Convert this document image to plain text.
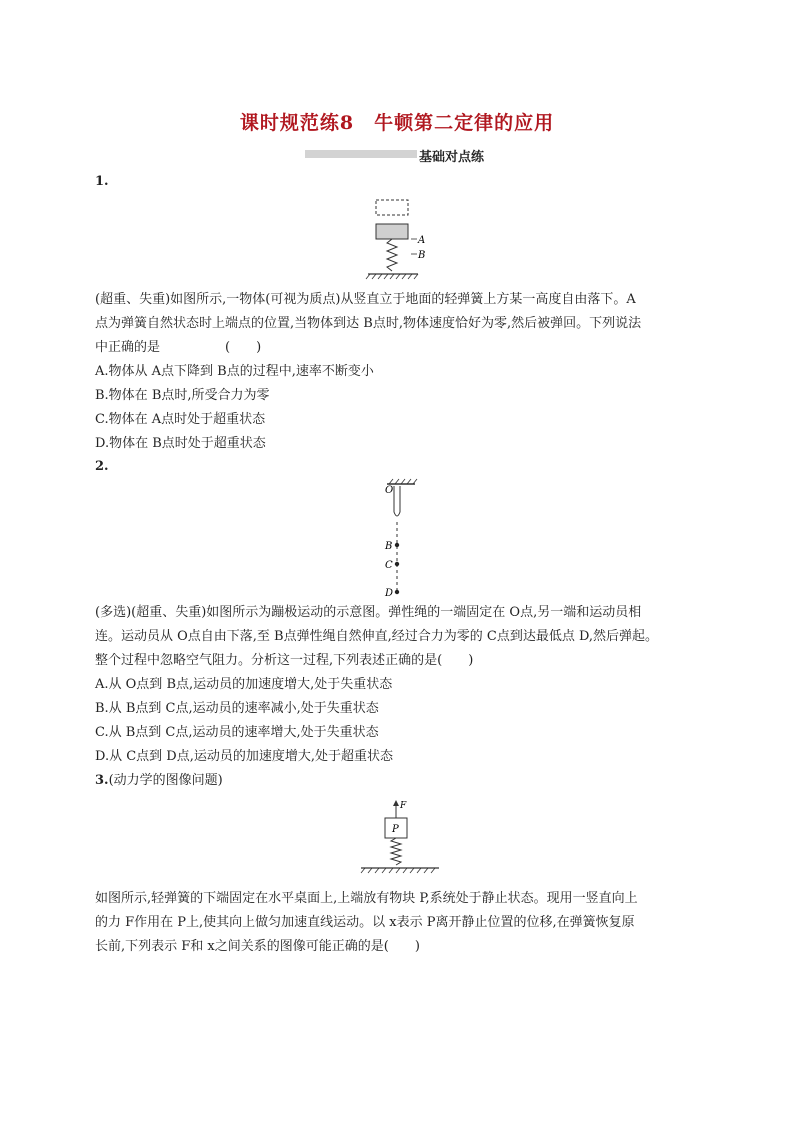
课时规范练8　牛顿第二定律的应用
基础对点练
1.
A
B
(超重、失重)如图所示,一物体(可视为质点)从竖直立于地面的轻弹簧上方某一高度自由落下。A
点为弹簧自然状态时上端点的位置,当物体到达 B点时,物体速度恰好为零,然后被弹回。下列说法
中正确的是　　　　　(　　)
A.物体从 A点下降到 B点的过程中,速率不断变小
B.物体在 B点时,所受合力为零
C.物体在 A点时处于超重状态
D.物体在 B点时处于超重状态
2.
O
B
C
D
(多选)(超重、失重)如图所示为蹦极运动的示意图。弹性绳的一端固定在 O点,另一端和运动员相
连。运动员从 O点自由下落,至 B点弹性绳自然伸直,经过合力为零的 C点到达最低点 D,然后弹起。
整个过程中忽略空气阻力。分析这一过程,下列表述正确的是(　　)
A.从 O点到 B点,运动员的加速度增大,处于失重状态
B.从 B点到 C点,运动员的速率减小,处于失重状态
C.从 B点到 C点,运动员的速率增大,处于失重状态
D.从 C点到 D点,运动员的加速度增大,处于超重状态
3.(动力学的图像问题)
F
P
如图所示,轻弹簧的下端固定在水平桌面上,上端放有物块 P,系统处于静止状态。现用一竖直向上
的力 F作用在 P上,使其向上做匀加速直线运动。以 x表示 P离开静止位置的位移,在弹簧恢复原
长前,下列表示 F和 x之间关系的图像可能正确的是(　　)
